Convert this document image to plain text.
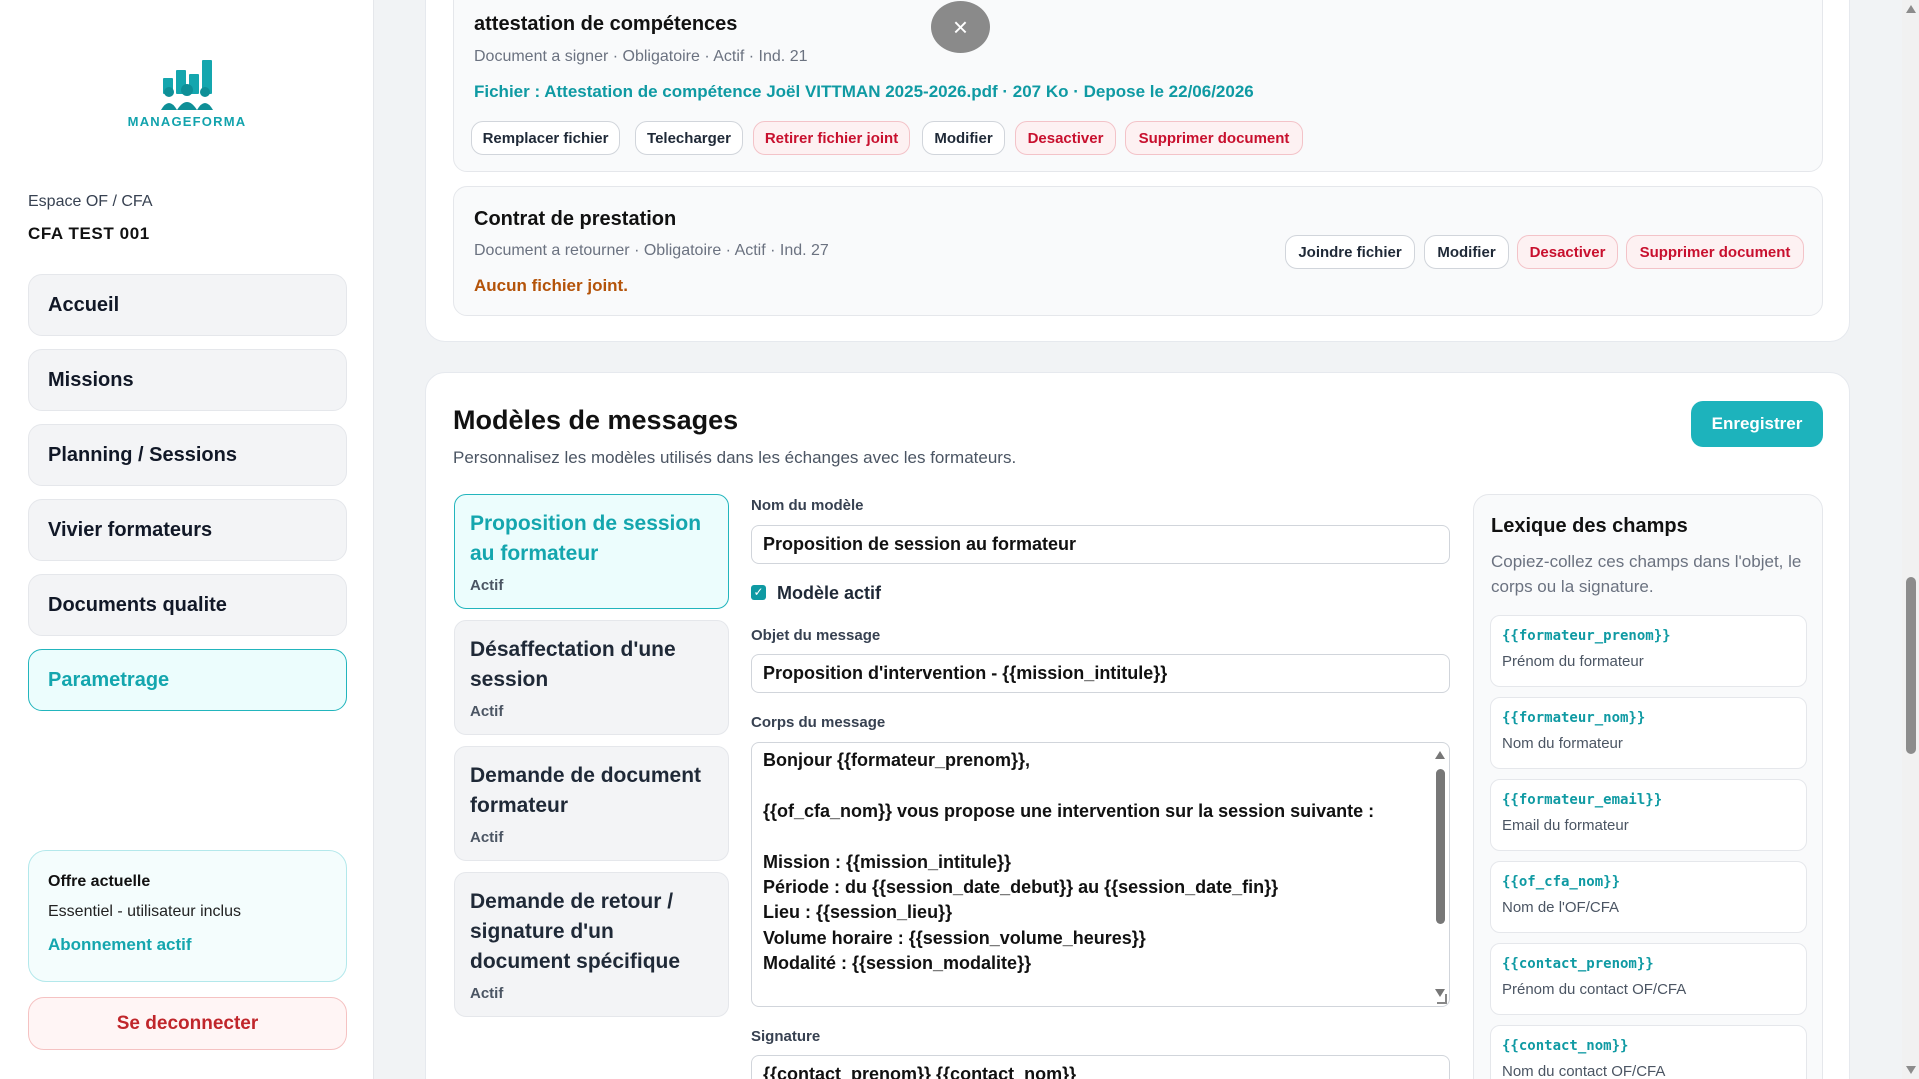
MANAGEFORMA
Espace OF / CFA
CFA TEST 001
Accueil
Missions
Planning / Sessions
Vivier formateurs
Documents qualite
Parametrage
Offre actuelle
Essentiel - utilisateur inclus
Abonnement actif
Se deconnecter
attestation de compétences
Document a signer · Obligatoire · Actif · Ind. 21
Fichier : Attestation de compétence Joël VITTMAN 2025-2026.pdf · 207 Ko · Depose le 22/06/2026
Remplacer fichier	Telecharger	Retirer fichier joint	Modifier	Desactiver	Supprimer document
×
Contrat de prestation
Document a retourner · Obligatoire · Actif · Ind. 27
Aucun fichier joint.
Joindre fichier	Modifier	Desactiver	Supprimer document
Modèles de messages
Personnalisez les modèles utilisés dans les échanges avec les formateurs.
Enregistrer
Proposition de session au formateur
Actif
Désaffectation d'une session
Actif
Demande de document formateur
Actif
Demande de retour / signature d'un document spécifique
Actif
Nom du modèle
Proposition de session au formateur
✓ Modèle actif
Objet du message
Proposition d'intervention - {{mission_intitule}}
Corps du message
Bonjour {{formateur_prenom}},
{{of_cfa_nom}} vous propose une intervention sur la session suivante :
Mission : {{mission_intitule}}
Période : du {{session_date_debut}} au {{session_date_fin}}
Lieu : {{session_lieu}}
Volume horaire : {{session_volume_heures}}
Modalité : {{session_modalite}}
Signature
{{contact_prenom}} {{contact_nom}}
Lexique des champs
Copiez-collez ces champs dans l'objet, le corps ou la signature.
{{formateur_prenom}}
Prénom du formateur
{{formateur_nom}}
Nom du formateur
{{formateur_email}}
Email du formateur
{{of_cfa_nom}}
Nom de l'OF/CFA
{{contact_prenom}}
Prénom du contact OF/CFA
{{contact_nom}}
Nom du contact OF/CFA
